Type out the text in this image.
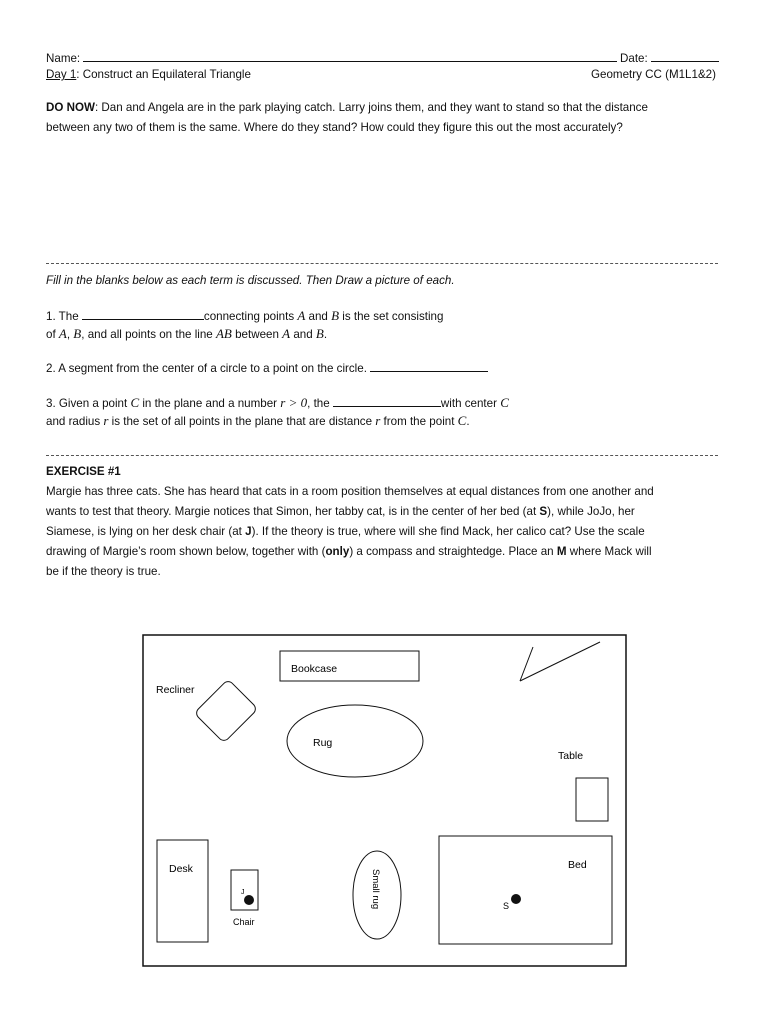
Name:	Date:
Day 1: Construct an Equilateral Triangle	Geometry CC (M1L1&2)
DO NOW: Dan and Angela are in the park playing catch. Larry joins them, and they want to stand so that the distance
between any two of them is the same. Where do they stand? How could they figure this out the most accurately?
Fill in the blanks below as each term is discussed. Then Draw a picture of each.
1. The	connecting points A and B is the set consisting
of A, B, and all points on the line AB between A and B.
2. A segment from the center of a circle to a point on the circle.
3. Given a point C in the plane and a number r > 0, the	with center C
and radius r is the set of all points in the plane that are distance r from the point C.
EXERCISE #1
Margie has three cats. She has heard that cats in a room position themselves at equal distances from one another and
wants to test that theory. Margie notices that Simon, her tabby cat, is in the center of her bed (at S), while JoJo, her
Siamese, is lying on her desk chair (at J). If the theory is true, where will she find Mack, her calico cat? Use the scale
drawing of Margie’s room shown below, together with (only) a compass and straightedge. Place an M where Mack will
be if the theory is true.
Bookcase
Recliner
Rug
Table
Desk
J
Chair
Small rug
Bed
S
